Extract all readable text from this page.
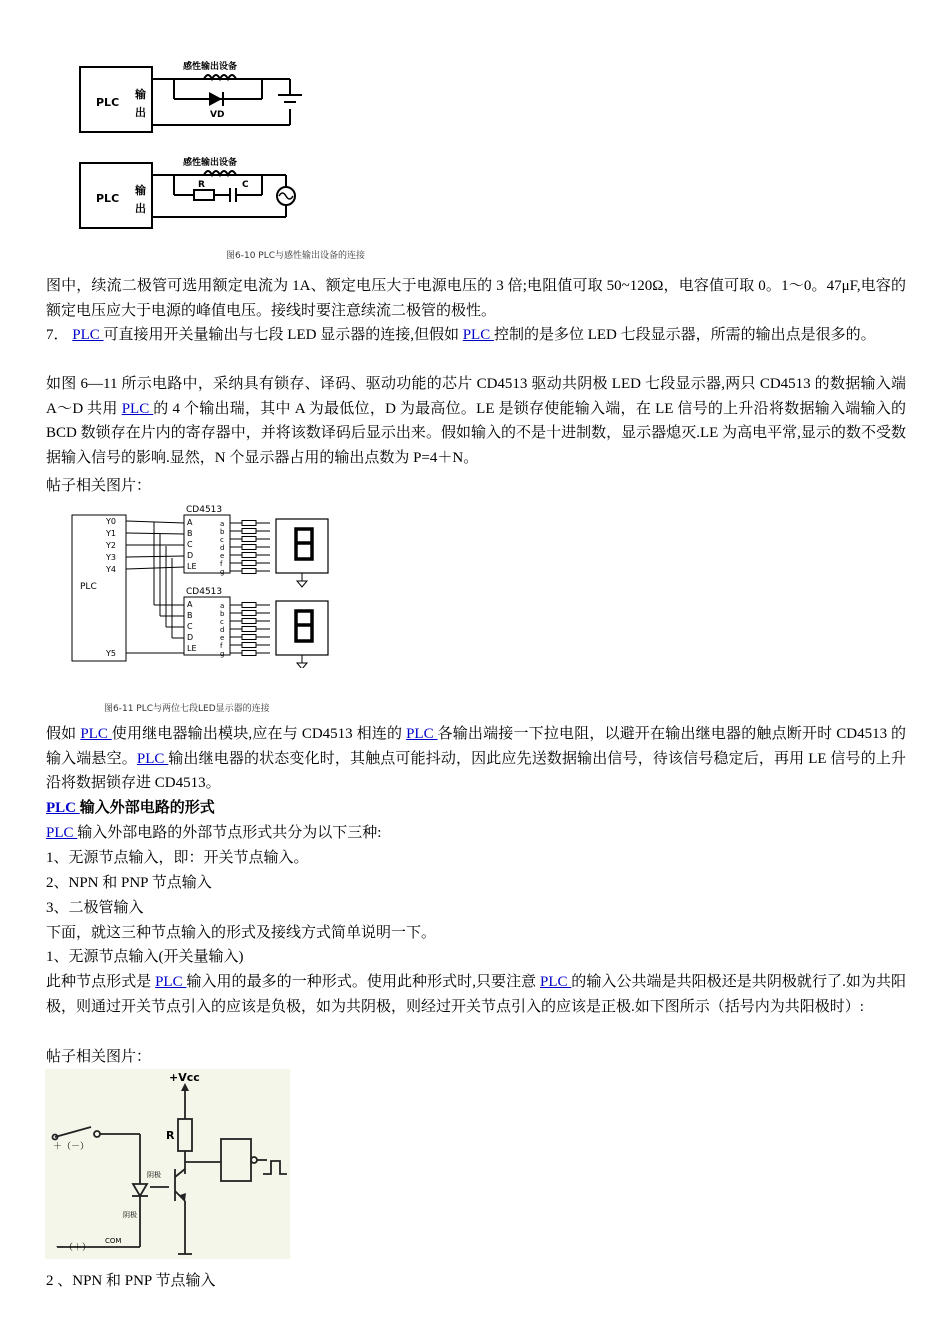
PLC
输
出
感性输出设备
VD
PLC
输
出
感性输出设备
R	C
图6-10 PLC与感性输出设备的连接
图中，续流二极管可选用额定电流为 1A、额定电压大于电源电压的 3 倍;电阻值可取 50~120Ω，电容值可取 0。1～0。47μF,电容的额定电压应大于电源的峰值电压。接线时要注意续流二极管的极性。
7． PLC 可直接用开关量输出与七段 LED 显示器的连接,但假如 PLC 控制的是多位 LED 七段显示器，所需的输出点是很多的。
如图 6—11 所示电路中，采纳具有锁存、译码、驱动功能的芯片 CD4513 驱动共阴极 LED 七段显示器,两只 CD4513 的数据输入端 A～D 共用 PLC 的 4 个输出瑞，其中 A 为最低位，D 为最高位。LE 是锁存使能输入端，在 LE 信号的上升沿将数据输入端输入的 BCD 数锁存在片内的寄存器中，并将该数译码后显示出来。假如输入的不是十进制数，显示器熄灭.LE 为高电平常,显示的数不受数据输入信号的影响.显然，N 个显示器占用的输出点数为 P=4＋N。
帖子相关图片：
PLC
CD4513
A
B
C
D
LE
a
b
c
d
e
f
g
CD4513
A
B
C
D
LE
a
b
c
d
e
f
g
Y0
Y1
Y2
Y3
Y4
Y5
图6-11 PLC与两位七段LED显示器的连接
假如 PLC 使用继电器输出模块,应在与 CD4513 相连的 PLC 各输出端接一下拉电阻，以避开在输出继电器的触点断开时 CD4513 的输入端悬空。PLC 输出继电器的状态变化时，其触点可能抖动，因此应先送数据输出信号，待该信号稳定后，再用 LE 信号的上升沿将数据锁存进 CD4513。
PLC 输入外部电路的形式
PLC 输入外部电路的外部节点形式共分为以下三种:
1、无源节点输入，即：开关节点输入。
2、NPN 和 PNP 节点输入
3、二极管输入
下面，就这三种节点输入的形式及接线方式简单说明一下。
1、无源节点输入(开关量输入)
此种节点形式是 PLC 输入用的最多的一种形式。使用此种形式时,只要注意 PLC 的输入公共端是共阳极还是共阴极就行了.如为共阳极，则通过开关节点引入的应该是负极，如为共阴极，则经过开关节点引入的应该是正极.如下图所示（括号内为共阳极时）:
帖子相关图片：
+Vcc
R
＋（－）
－（＋）
COM
阴极
阴极
2 、NPN 和 PNP 节点输入
